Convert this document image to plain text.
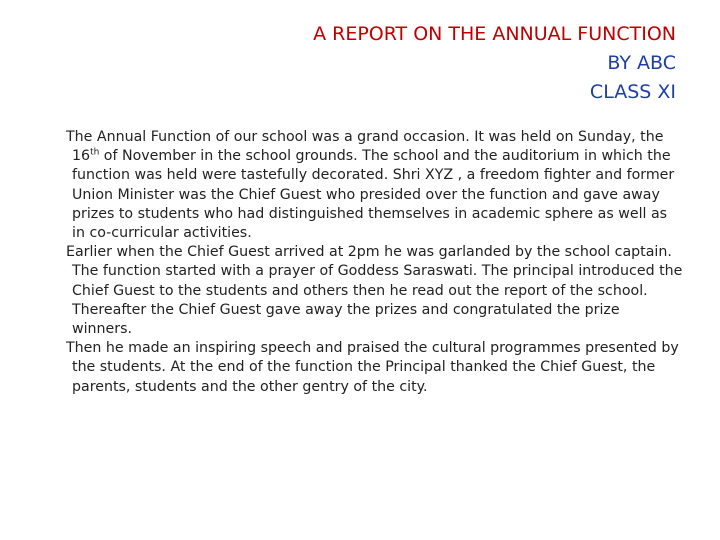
A REPORT ON THE ANNUAL FUNCTION
BY ABC
CLASS XI

The Annual Function of our school was a grand occasion. It was held on Sunday, the 16th of November in the school grounds. The school and the auditorium in which the function was held were tastefully decorated. Shri XYZ , a freedom fighter and former Union Minister was the Chief Guest who presided over the function and gave away prizes to students who had distinguished themselves in academic sphere as well as in co-curricular activities.

Earlier when the Chief Guest arrived at 2pm he was garlanded by the school captain. The function started with a prayer of Goddess Saraswati. The principal introduced the Chief Guest to the students and others then he read out the report of the school. Thereafter the Chief Guest gave away the prizes and congratulated the prize winners.

Then he made an inspiring speech and praised the cultural programmes presented by the students. At the end of the function the Principal thanked the Chief Guest, the parents, students and the other gentry of the city.
